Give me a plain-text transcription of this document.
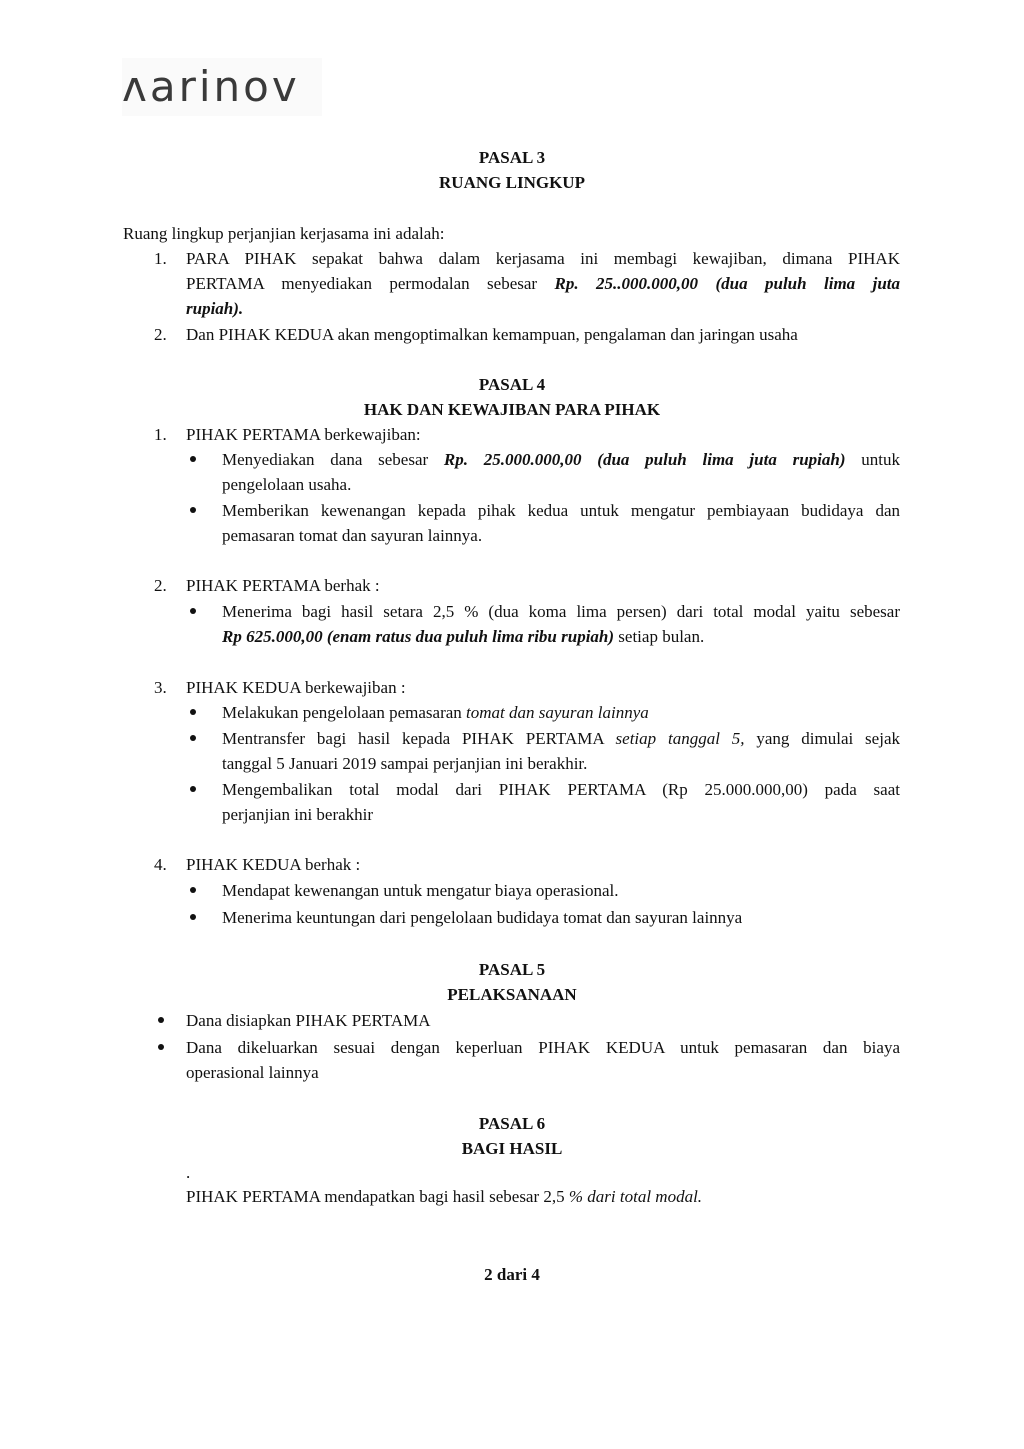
ʌarinov
PASAL 3
RUANG LINGKUP
Ruang lingkup perjanjian kerjasama ini adalah:
1. PARA PIHAK sepakat bahwa dalam kerjasama ini membagi kewajiban, dimana PIHAK
PERTAMA menyediakan permodalan sebesar Rp. 25..000.000,00 (dua puluh lima juta
rupiah).
2. Dan PIHAK KEDUA akan mengoptimalkan kemampuan, pengalaman dan jaringan usaha
PASAL 4
HAK DAN KEWAJIBAN PARA PIHAK
1. PIHAK PERTAMA berkewajiban:
Menyediakan dana sebesar Rp. 25.000.000,00 (dua puluh lima juta rupiah) untuk
pengelolaan usaha.
Memberikan kewenangan kepada pihak kedua untuk mengatur pembiayaan budidaya dan
pemasaran tomat dan sayuran lainnya.
2. PIHAK PERTAMA berhak :
Menerima bagi hasil setara 2,5 % (dua koma lima persen) dari total modal yaitu sebesar
Rp 625.000,00 (enam ratus dua puluh lima ribu rupiah) setiap bulan.
3. PIHAK KEDUA berkewajiban :
Melakukan pengelolaan pemasaran tomat dan sayuran lainnya
Mentransfer bagi hasil kepada PIHAK PERTAMA setiap tanggal 5, yang dimulai sejak
tanggal 5 Januari 2019 sampai perjanjian ini berakhir.
Mengembalikan total modal dari PIHAK PERTAMA (Rp 25.000.000,00) pada saat
perjanjian ini berakhir
4. PIHAK KEDUA berhak :
Mendapat kewenangan untuk mengatur biaya operasional.
Menerima keuntungan dari pengelolaan budidaya tomat dan sayuran lainnya
PASAL 5
PELAKSANAAN
Dana disiapkan PIHAK PERTAMA
Dana dikeluarkan sesuai dengan keperluan PIHAK KEDUA untuk pemasaran dan biaya
operasional lainnya
PASAL 6
BAGI HASIL
.
PIHAK PERTAMA mendapatkan bagi hasil sebesar 2,5 % dari total modal.
2 dari 4
